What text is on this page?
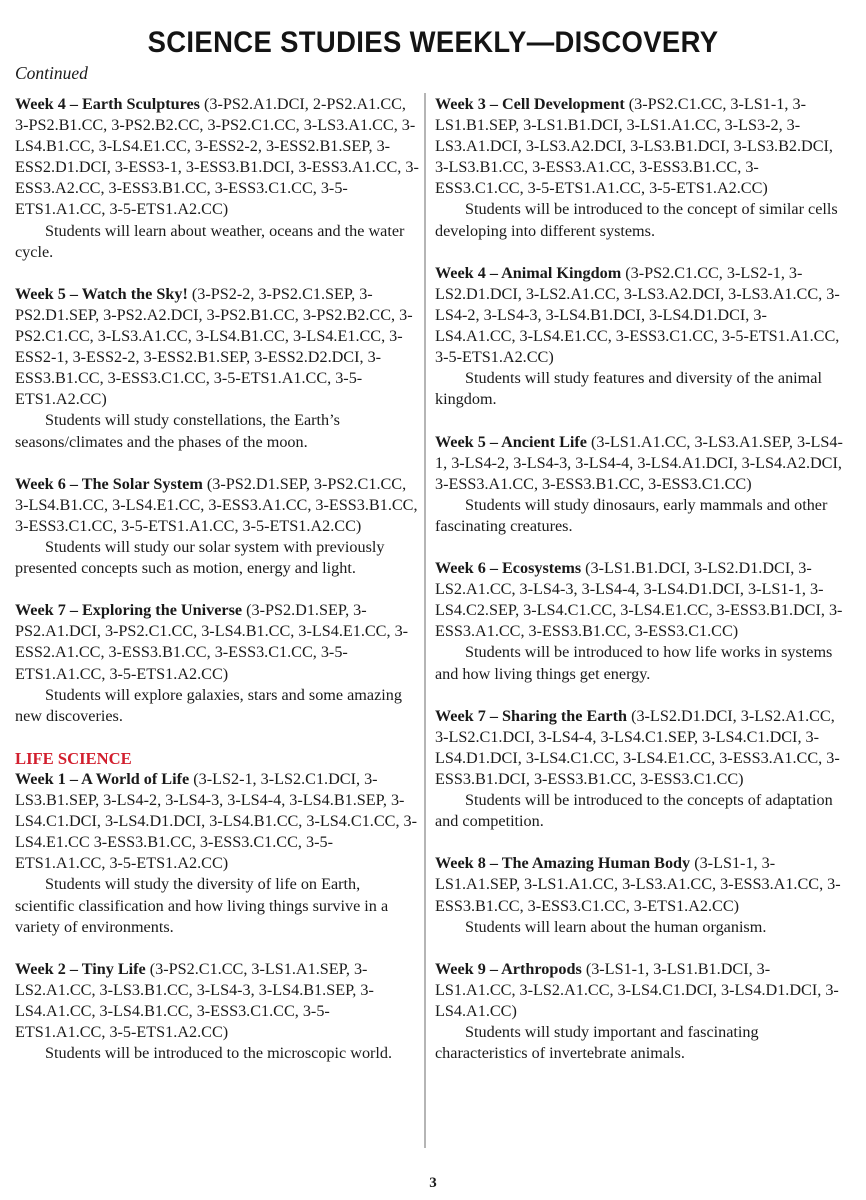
SCIENCE STUDIES WEEKLY—DISCOVERY
Continued

Week 4 – Earth Sculptures (3-PS2.A1.DCI, 2-PS2.A1.CC, 3-PS2.B1.CC, 3-PS2.B2.CC, 3-PS2.C1.CC, 3-LS3.A1.CC, 3-LS4.B1.CC, 3-LS4.E1.CC, 3-ESS2-2, 3-ESS2.B1.SEP, 3-ESS2.D1.DCI, 3-ESS3-1, 3-ESS3.B1.DCI, 3-ESS3.A1.CC, 3-ESS3.A2.CC, 3-ESS3.B1.CC, 3-ESS3.C1.CC, 3-5-ETS1.A1.CC, 3-5-ETS1.A2.CC)

Students will learn about weather, oceans and the water cycle.

Week 5 – Watch the Sky! (3-PS2-2, 3-PS2.C1.SEP, 3-PS2.D1.SEP, 3-PS2.A2.DCI, 3-PS2.B1.CC, 3-PS2.B2.CC, 3-PS2.C1.CC, 3-LS3.A1.CC, 3-LS4.B1.CC, 3-LS4.E1.CC, 3-ESS2-1, 3-ESS2-2, 3-ESS2.B1.SEP, 3-ESS2.D2.DCI, 3-ESS3.B1.CC, 3-ESS3.C1.CC, 3-5-ETS1.A1.CC, 3-5-ETS1.A2.CC)

Students will study constellations, the Earth’s seasons/climates and the phases of the moon.

Week 6 – The Solar System (3-PS2.D1.SEP, 3-PS2.C1.CC, 3-LS4.B1.CC, 3-LS4.E1.CC, 3-ESS3.A1.CC, 3-ESS3.B1.CC, 3-ESS3.C1.CC, 3-5-ETS1.A1.CC, 3-5-ETS1.A2.CC)

Students will study our solar system with previously presented concepts such as motion, energy and light.

Week 7 – Exploring the Universe (3-PS2.D1.SEP, 3-PS2.A1.DCI, 3-PS2.C1.CC, 3-LS4.B1.CC, 3-LS4.E1.CC, 3-ESS2.A1.CC, 3-ESS3.B1.CC, 3-ESS3.C1.CC, 3-5-ETS1.A1.CC, 3-5-ETS1.A2.CC)

Students will explore galaxies, stars and some amazing new discoveries.

LIFE SCIENCE

Week 1 – A World of Life (3-LS2-1, 3-LS2.C1.DCI, 3-LS3.B1.SEP, 3-LS4-2, 3-LS4-3, 3-LS4-4, 3-LS4.B1.SEP, 3-LS4.C1.DCI, 3-LS4.D1.DCI, 3-LS4.B1.CC, 3-LS4.C1.CC, 3-LS4.E1.CC 3-ESS3.B1.CC, 3-ESS3.C1.CC, 3-5-ETS1.A1.CC, 3-5-ETS1.A2.CC)

Students will study the diversity of life on Earth, scientific classification and how living things survive in a variety of environments.

Week 2 – Tiny Life (3-PS2.C1.CC, 3-LS1.A1.SEP, 3-LS2.A1.CC, 3-LS3.B1.CC, 3-LS4-3, 3-LS4.B1.SEP, 3-LS4.A1.CC, 3-LS4.B1.CC, 3-ESS3.C1.CC, 3-5-ETS1.A1.CC, 3-5-ETS1.A2.CC)

Students will be introduced to the microscopic world.

Week 3 – Cell Development (3-PS2.C1.CC, 3-LS1-1, 3-LS1.B1.SEP, 3-LS1.B1.DCI, 3-LS1.A1.CC, 3-LS3-2, 3-LS3.A1.DCI, 3-LS3.A2.DCI, 3-LS3.B1.DCI, 3-LS3.B2.DCI, 3-LS3.B1.CC, 3-ESS3.A1.CC, 3-ESS3.B1.CC, 3-ESS3.C1.CC, 3-5-ETS1.A1.CC, 3-5-ETS1.A2.CC)

Students will be introduced to the concept of similar cells developing into different systems.

Week 4 – Animal Kingdom (3-PS2.C1.CC, 3-LS2-1, 3-LS2.D1.DCI, 3-LS2.A1.CC, 3-LS3.A2.DCI, 3-LS3.A1.CC, 3-LS4-2, 3-LS4-3, 3-LS4.B1.DCI, 3-LS4.D1.DCI, 3-LS4.A1.CC, 3-LS4.E1.CC, 3-ESS3.C1.CC, 3-5-ETS1.A1.CC, 3-5-ETS1.A2.CC)

Students will study features and diversity of the animal kingdom.

Week 5 – Ancient Life (3-LS1.A1.CC, 3-LS3.A1.SEP, 3-LS4-1, 3-LS4-2, 3-LS4-3, 3-LS4-4, 3-LS4.A1.DCI, 3-LS4.A2.DCI, 3-ESS3.A1.CC, 3-ESS3.B1.CC, 3-ESS3.C1.CC)

Students will study dinosaurs, early mammals and other fascinating creatures.

Week 6 – Ecosystems (3-LS1.B1.DCI, 3-LS2.D1.DCI, 3-LS2.A1.CC, 3-LS4-3, 3-LS4-4, 3-LS4.D1.DCI, 3-LS1-1, 3-LS4.C2.SEP, 3-LS4.C1.CC, 3-LS4.E1.CC, 3-ESS3.B1.DCI, 3-ESS3.A1.CC, 3-ESS3.B1.CC, 3-ESS3.C1.CC)

Students will be introduced to how life works in systems and how living things get energy.

Week 7 – Sharing the Earth (3-LS2.D1.DCI, 3-LS2.A1.CC, 3-LS2.C1.DCI, 3-LS4-4, 3-LS4.C1.SEP, 3-LS4.C1.DCI, 3-LS4.D1.DCI, 3-LS4.C1.CC, 3-LS4.E1.CC, 3-ESS3.A1.CC, 3-ESS3.B1.DCI, 3-ESS3.B1.CC, 3-ESS3.C1.CC)

Students will be introduced to the concepts of adaptation and competition.

Week 8 – The Amazing Human Body (3-LS1-1, 3-LS1.A1.SEP, 3-LS1.A1.CC, 3-LS3.A1.CC, 3-ESS3.A1.CC, 3-ESS3.B1.CC, 3-ESS3.C1.CC, 3-ETS1.A2.CC)

Students will learn about the human organism.

Week 9 – Arthropods (3-LS1-1, 3-LS1.B1.DCI, 3-LS1.A1.CC, 3-LS2.A1.CC, 3-LS4.C1.DCI, 3-LS4.D1.DCI, 3-LS4.A1.CC)

Students will study important and fascinating characteristics of invertebrate animals.

3
